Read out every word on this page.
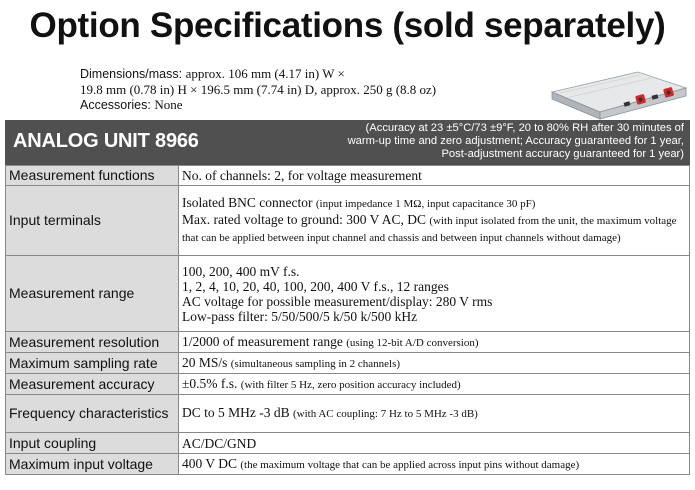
Option Specifications (sold separately)
Dimensions/mass: approx. 106 mm (4.17 in) W ×
19.8 mm (0.78 in) H × 196.5 mm (7.74 in) D, approx. 250 g (8.8 oz)
Accessories: None
ANALOG UNIT 8966
(Accuracy at 23 ±5°C/73 ±9°F, 20 to 80% RH after 30 minutes of
warm-up time and zero adjustment; Accuracy guaranteed for 1 year,
Post-adjustment accuracy guaranteed for 1 year)
Measurement functions	No. of channels: 2, for voltage measurement
Input terminals	Isolated BNC connector (input impedance 1 MΩ, input capacitance 30 pF)
Max. rated voltage to ground: 300 V AC, DC (with input isolated from the unit, the maximum voltage that can be applied between input channel and chassis and between input channels without damage)

Measurement range	100, 200, 400 mV f.s.
1, 2, 4, 10, 20, 40, 100, 200, 400 V f.s., 12 ranges
AC voltage for possible measurement/display: 280 V rms
Low-pass filter: 5/50/500/5 k/50 k/500 kHz

Measurement resolution	1/2000 of measurement range (using 12-bit A/D conversion)
Maximum sampling rate	20 MS/s (simultaneous sampling in 2 channels)
Measurement accuracy	±0.5% f.s. (with filter 5 Hz, zero position accuracy included)
Frequency characteristics	DC to 5 MHz -3 dB (with AC coupling: 7 Hz to 5 MHz -3 dB)
Input coupling	AC/DC/GND
Maximum input voltage	400 V DC (the maximum voltage that can be applied across input pins without damage)
